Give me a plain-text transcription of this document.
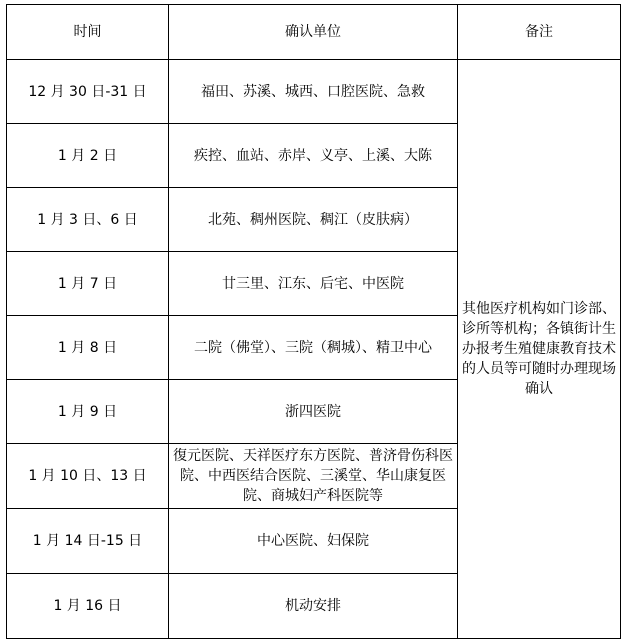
时间	确认单位	备注
12 月 30 日-31 日	福田、苏溪、城西、口腔医院、急救	其他医疗机构如门诊部、诊所等机构；各镇街计生办报考生殖健康教育技术的人员等可随时办理现场确认
1 月 2 日	疾控、血站、赤岸、义亭、上溪、大陈	
1 月 3 日、6 日	北苑、稠州医院、稠江（皮肤病）	
1 月 7 日	廿三里、江东、后宅、中医院	
1 月 8 日	二院（佛堂）、三院（稠城）、精卫中心	
1 月 9 日	浙四医院	
1 月 10 日、13 日	復元医院、天祥医疗东方医院、普济骨伤科医院、中西医结合医院、三溪堂、华山康复医院、商城妇产科医院等	
1 月 14 日-15 日	中心医院、妇保院	
1 月 16 日	机动安排	
